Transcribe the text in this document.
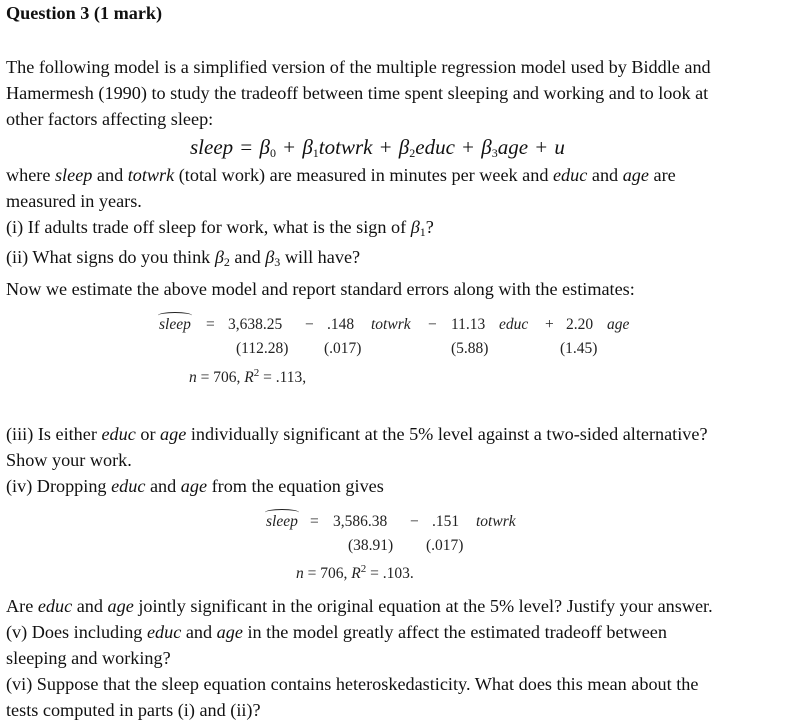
Question 3 (1 mark)
The following model is a simplified version of the multiple regression model used by Biddle and
Hamermesh (1990) to study the tradeoff between time spent sleeping and working and to look at
other factors affecting sleep:
sleep = $\beta_0$ + $\beta_1totwrk$ + $\beta_2educ + \beta_3age + u$
where sleep and totwrk (total work) are measured in minutes per week and educ and age are
measured in years.
(i) If adults trade off sleep for work, what is the sign of $\beta_1$?
(ii) What signs do you think $\beta_2$ and $\beta_3$ will have?
Now we estimate the above model and report standard errors along with the estimates:
sleep = 3,638.25 − .148 totwrk − 11.13 educ + 2.20 age
(112.28) (.017)	(5.88)	(1.45)
n = 706, $R^2 = .113$,
(iii) Is either educ or age individually significant at the 5% level against a two-sided alternative?
Show your work.
(iv) Dropping educ and age from the equation gives
sleep = 3,586.38 − .151 totwrk
(38.91) (.017)
n = 706, $R^2 = .103$.
Are educ and age jointly significant in the original equation at the 5% level? Justify your answer.
(v) Does including educ and age in the model greatly affect the estimated tradeoff between
sleeping and working?
(vi) Suppose that the sleep equation contains heteroskedasticity. What does this mean about the
tests computed in parts (i) and (ii)?
